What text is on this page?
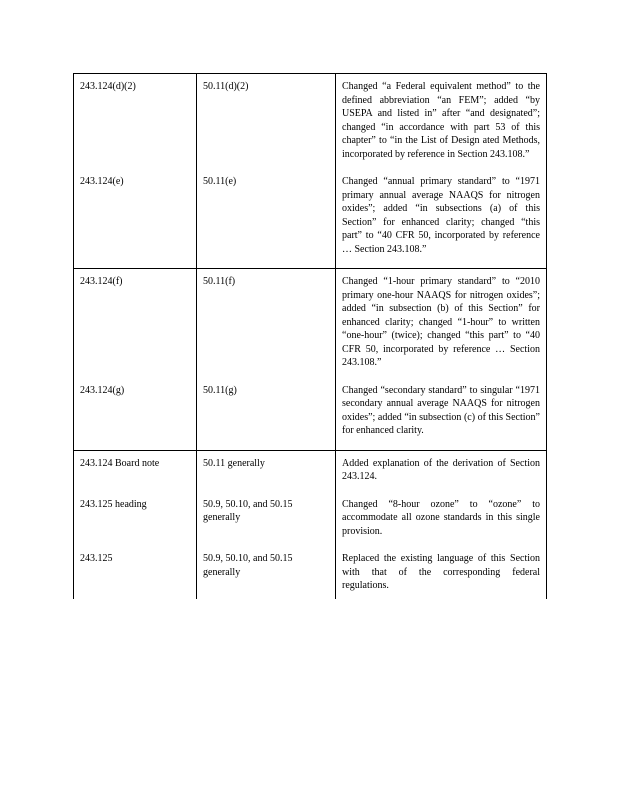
243.124(d)(2)	50.11(d)(2)	Changed “a Federal equivalent method” to the defined abbreviation “an FEM”; added “by USEPA and listed in” after “and designated”; changed “in accordance with part 53 of this chapter” to “in the List of Design ated Methods, incorporated by reference in Section 243.108.”
243.124(e)	50.11(e)	Changed “annual primary standard” to “1971 primary annual average NAAQS for nitrogen oxides”; added “in subsections (a) of this Section” for enhanced clarity; changed “this part” to “40 CFR 50, incorporated by reference … Section 243.108.”
243.124(f)	50.11(f)	Changed “1-hour primary standard” to “2010 primary one-hour NAAQS for nitrogen oxides”; added “in subsection (b) of this Section” for enhanced clarity; changed “1-hour” to written “one-hour” (twice); changed “this part” to “40 CFR 50, incorporated by reference … Section 243.108.”
243.124(g)	50.11(g)	Changed “secondary standard” to singular “1971 secondary annual average NAAQS for nitrogen oxides”; added “in subsection (c) of this Section” for enhanced clarity.
243.124 Board note	50.11 generally	Added explanation of the derivation of Section 243.124.
243.125 heading	50.9, 50.10, and 50.15 generally	Changed “8-hour ozone” to “ozone” to accommodate all ozone standards in this single provision.
243.125	50.9, 50.10, and 50.15 generally	Replaced the existing language of this Section with that of the corresponding federal regulations.
